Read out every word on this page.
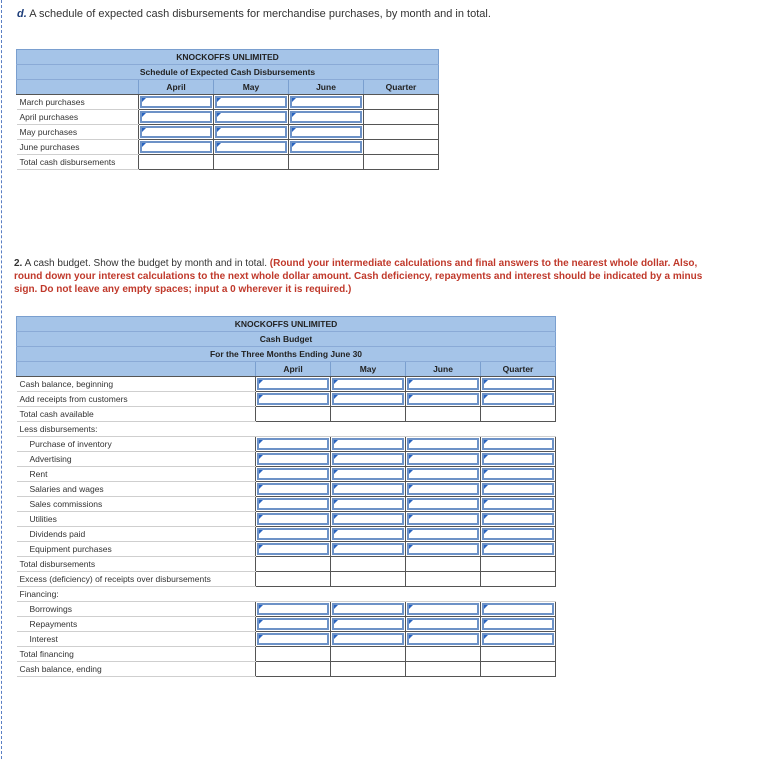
d. A schedule of expected cash disbursements for merchandise purchases, by month and in total.
KNOCKOFFS UNLIMITED				
Schedule of Expected Cash Disbursements				
	April	May	June	Quarter
March purchases	

April purchases	

May purchases	

June purchases	

Total cash disbursements				
2. A cash budget. Show the budget by month and in total. (Round your intermediate calculations and final answers to the nearest whole dollar. Also, round down your interest calculations to the next whole dollar amount. Cash deficiency, repayments and interest should be indicated by a minus sign. Do not leave any empty spaces; input a 0 wherever it is required.)
KNOCKOFFS UNLIMITED				
Cash Budget				
For the Three Months Ending June 30				
	April	May	June	Quarter
Cash balance, beginning	

Add receipts from customers	

Total cash available				
Less disbursements:				
Purchase of inventory	

Advertising	

Rent	

Salaries and wages	

Sales commissions	

Utilities	

Dividends paid	

Equipment purchases	

Total disbursements				
Excess (deficiency) of receipts over disbursements				
Financing:				
Borrowings	

Repayments	

Interest	

Total financing				
Cash balance, ending				
